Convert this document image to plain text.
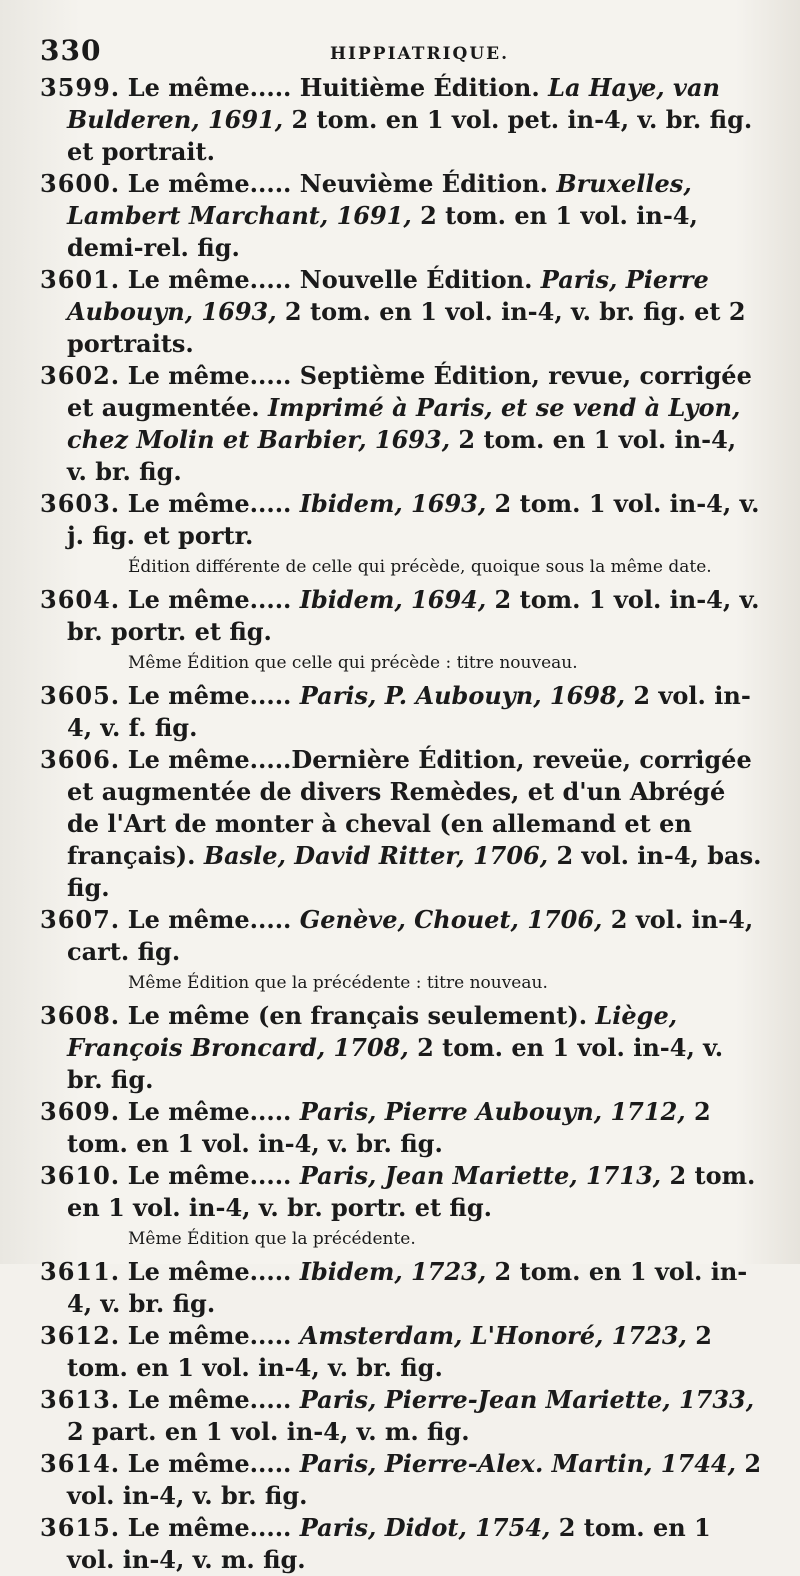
330	HIPPIATRIQUE.

3599. Le même..... Huitième Édition. La Haye, van Bulderen, 1691, 2 tom. en 1 vol. pet. in-4, v. br. fig. et portrait.

3600. Le même..... Neuvième Édition. Bruxelles, Lambert Marchant, 1691, 2 tom. en 1 vol. in-4, demi-rel. fig.

3601. Le même..... Nouvelle Édition. Paris, Pierre Aubouyn, 1693, 2 tom. en 1 vol. in-4, v. br. fig. et 2 portraits.

3602. Le même..... Septième Édition, revue, corrigée et augmentée. Imprimé à Paris, et se vend à Lyon, chez Molin et Barbier, 1693, 2 tom. en 1 vol. in-4, v. br. fig.

3603. Le même..... Ibidem, 1693, 2 tom. 1 vol. in-4, v. j. fig. et portr.

Édition différente de celle qui précède, quoique sous la même date.

3604. Le même..... Ibidem, 1694, 2 tom. 1 vol. in-4, v. br. portr. et fig.

Même Édition que celle qui précède : titre nouveau.

3605. Le même..... Paris, P. Aubouyn, 1698, 2 vol. in-4, v. f. fig.

3606. Le même.....Dernière Édition, reveüe, corrigée et augmentée de divers Remèdes, et d'un Abrégé de l'Art de monter à cheval (en allemand et en français). Basle, David Ritter, 1706, 2 vol. in-4, bas. fig.

3607. Le même..... Genève, Chouet, 1706, 2 vol. in-4, cart. fig.

Même Édition que la précédente : titre nouveau.

3608. Le même (en français seulement). Liège, François Broncard, 1708, 2 tom. en 1 vol. in-4, v. br. fig.

3609. Le même..... Paris, Pierre Aubouyn, 1712, 2 tom. en 1 vol. in-4, v. br. fig.

3610. Le même..... Paris, Jean Mariette, 1713, 2 tom. en 1 vol. in-4, v. br. portr. et fig.

Même Édition que la précédente.

3611. Le même..... Ibidem, 1723, 2 tom. en 1 vol. in-4, v. br. fig.

3612. Le même..... Amsterdam, L'Honoré, 1723, 2 tom. en 1 vol. in-4, v. br. fig.

3613. Le même..... Paris, Pierre-Jean Mariette, 1733, 2 part. en 1 vol. in-4, v. m. fig.

3614. Le même..... Paris, Pierre-Alex. Martin, 1744, 2 vol. in-4, v. br. fig.

3615. Le même..... Paris, Didot, 1754, 2 tom. en 1 vol. in-4, v. m. fig.
